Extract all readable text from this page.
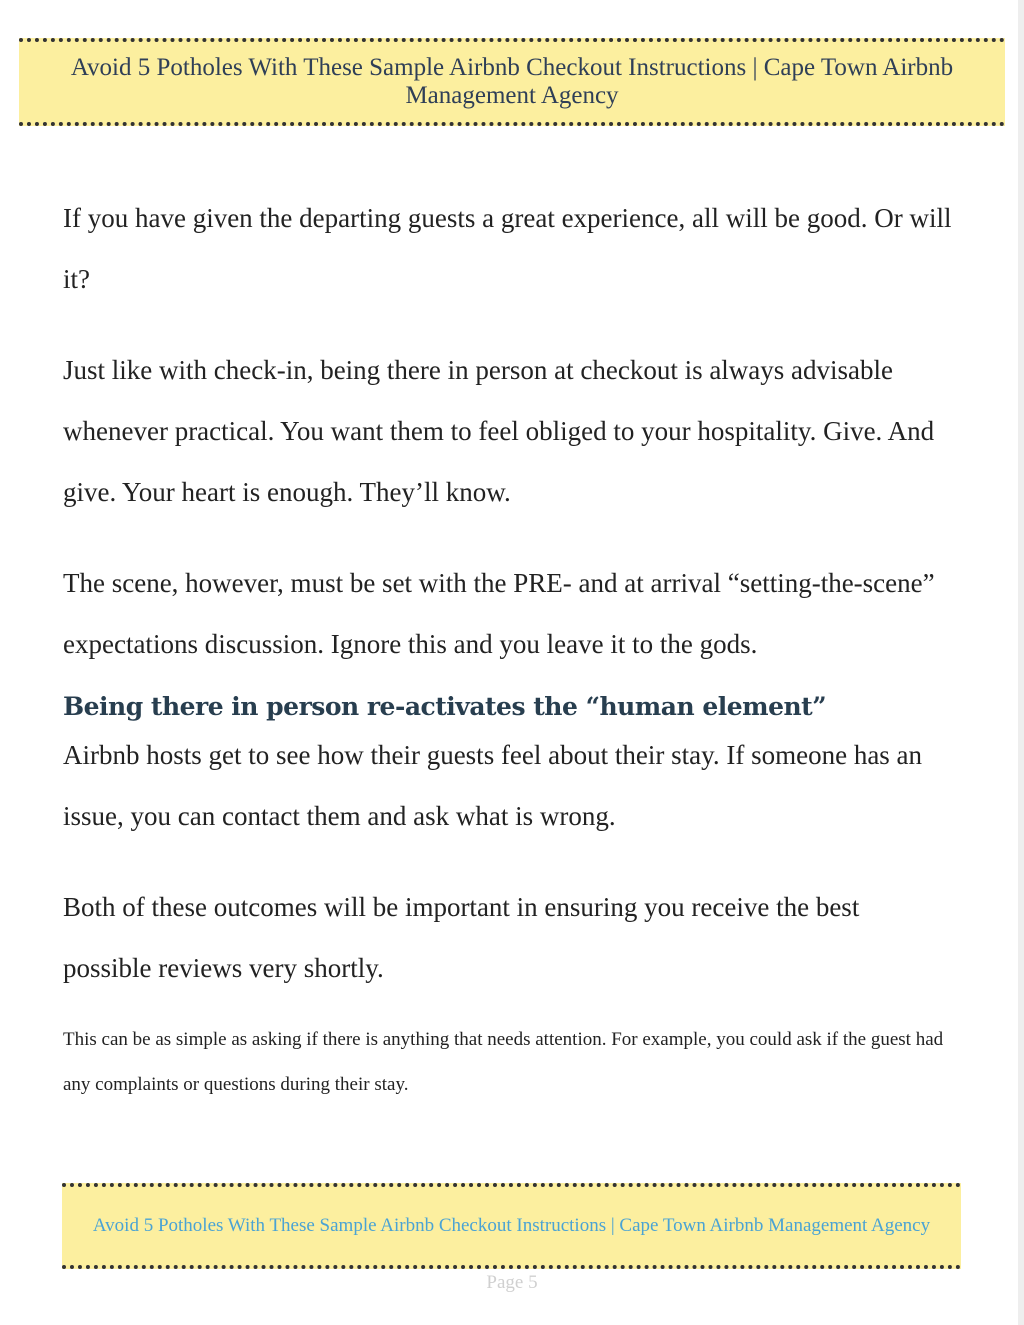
Avoid 5 Potholes With These Sample Airbnb Checkout Instructions | Cape Town Airbnb Management Agency

If you have given the departing guests a great experience, all will be good. Or will it?

Just like with check-in, being there in person at checkout is always advisable whenever practical. You want them to feel obliged to your hospitality. Give. And give. Your heart is enough. They’ll know.

The scene, however, must be set with the PRE- and at arrival “setting-the-scene” expectations discussion. Ignore this and you leave it to the gods.

Being there in person re-activates the “human element”

Airbnb hosts get to see how their guests feel about their stay. If someone has an issue, you can contact them and ask what is wrong.

Both of these outcomes will be important in ensuring you receive the best possible reviews very shortly.

This can be as simple as asking if there is anything that needs attention. For example, you could ask if the guest had any complaints or questions during their stay.

Avoid 5 Potholes With These Sample Airbnb Checkout Instructions | Cape Town Airbnb Management Agency
Page 5
